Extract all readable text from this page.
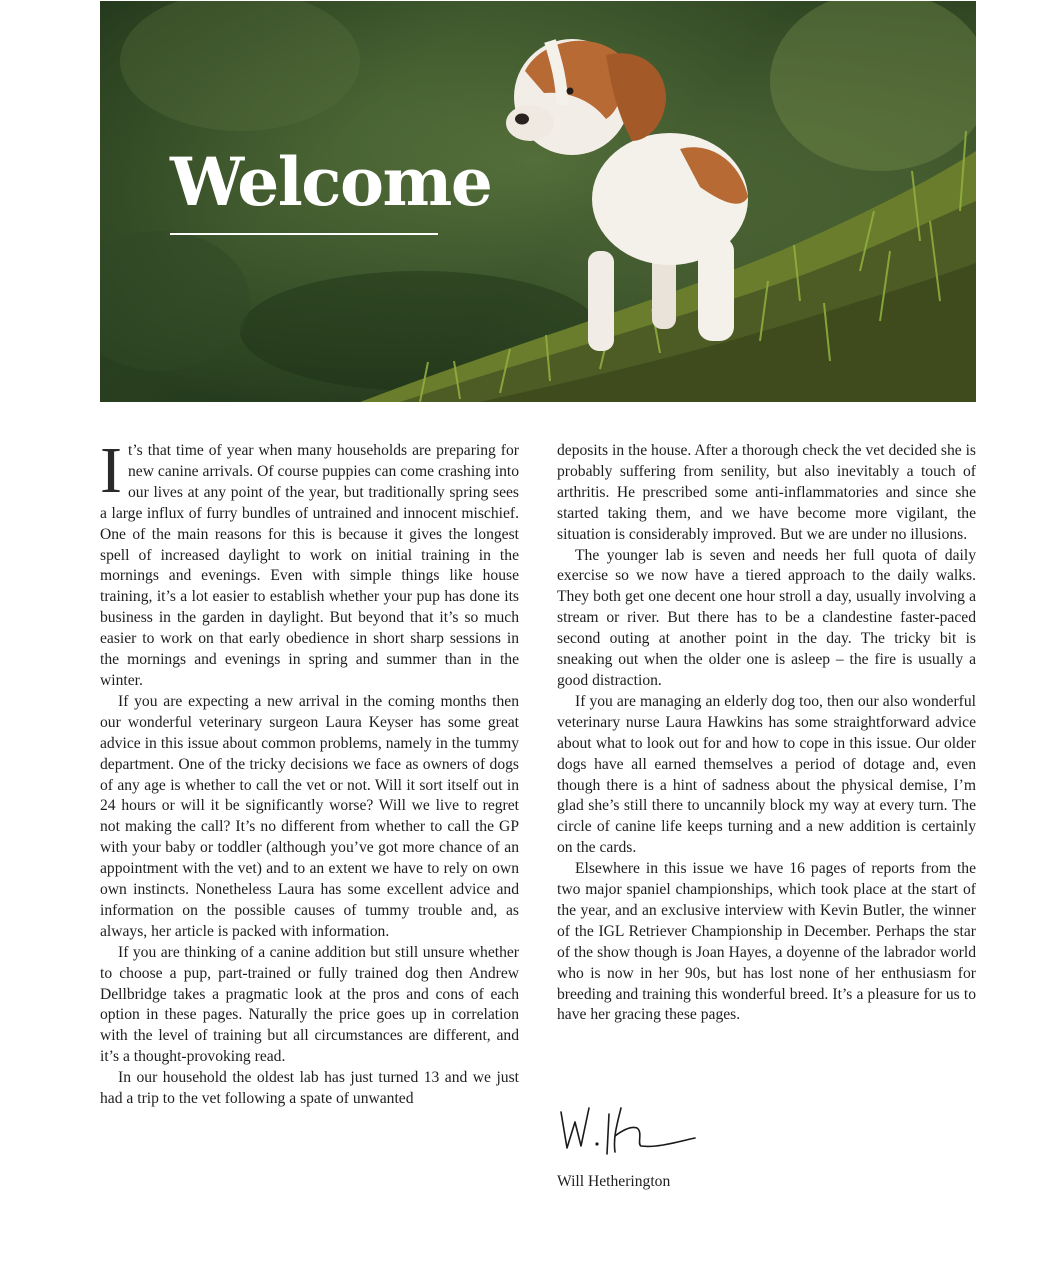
Welcome

It’s that time of year when many households are preparing for new canine arrivals. Of course puppies can come crashing into our lives at any point of the year, but traditionally spring sees a large influx of furry bundles of untrained and innocent mischief. One of the main reasons for this is because it gives the longest spell of increased daylight to work on initial training in the mornings and evenings. Even with simple things like house training, it’s a lot easier to establish whether your pup has done its business in the garden in daylight. But beyond that it’s so much easier to work on that early obedience in short sharp sessions in the mornings and evenings in spring and summer than in the winter.

If you are expecting a new arrival in the coming months then our wonderful veterinary surgeon Laura Keyser has some great advice in this issue about common problems, namely in the tummy department. One of the tricky decisions we face as owners of dogs of any age is whether to call the vet or not. Will it sort itself out in 24 hours or will it be significantly worse? Will we live to regret not making the call? It’s no different from whether to call the GP with your baby or toddler (although you’ve got more chance of an appointment with the vet) and to an extent we have to rely on own own instincts. Nonetheless Laura has some excellent advice and information on the possible causes of tummy trouble and, as always, her article is packed with information.

If you are thinking of a canine addition but still unsure whether to choose a pup, part-trained or fully trained dog then Andrew Dellbridge takes a pragmatic look at the pros and cons of each option in these pages. Naturally the price goes up in correlation with the level of training but all circumstances are different, and it’s a thought-provoking read.

In our household the oldest lab has just turned 13 and we just had a trip to the vet following a spate of unwanted

deposits in the house. After a thorough check the vet decided she is probably suffering from senility, but also inevitably a touch of arthritis. He prescribed some anti-inflammatories and since she started taking them, and we have become more vigilant, the situation is considerably improved. But we are under no illusions.

The younger lab is seven and needs her full quota of daily exercise so we now have a tiered approach to the daily walks. They both get one decent one hour stroll a day, usually involving a stream or river. But there has to be a clandestine faster-paced second outing at another point in the day. The tricky bit is sneaking out when the older one is asleep – the fire is usually a good distraction.

If you are managing an elderly dog too, then our also wonderful veterinary nurse Laura Hawkins has some straightforward advice about what to look out for and how to cope in this issue. Our older dogs have all earned themselves a period of dotage and, even though there is a hint of sadness about the physical demise, I’m glad she’s still there to uncannily block my way at every turn. The circle of canine life keeps turning and a new addition is certainly on the cards.

Elsewhere in this issue we have 16 pages of reports from the two major spaniel championships, which took place at the start of the year, and an exclusive interview with Kevin Butler, the winner of the IGL Retriever Championship in December. Perhaps the star of the show though is Joan Hayes, a doyenne of the labrador world who is now in her 90s, but has lost none of her enthusiasm for breeding and training this wonderful breed. It’s a pleasure for us to have her gracing these pages.

Will Hetherington
